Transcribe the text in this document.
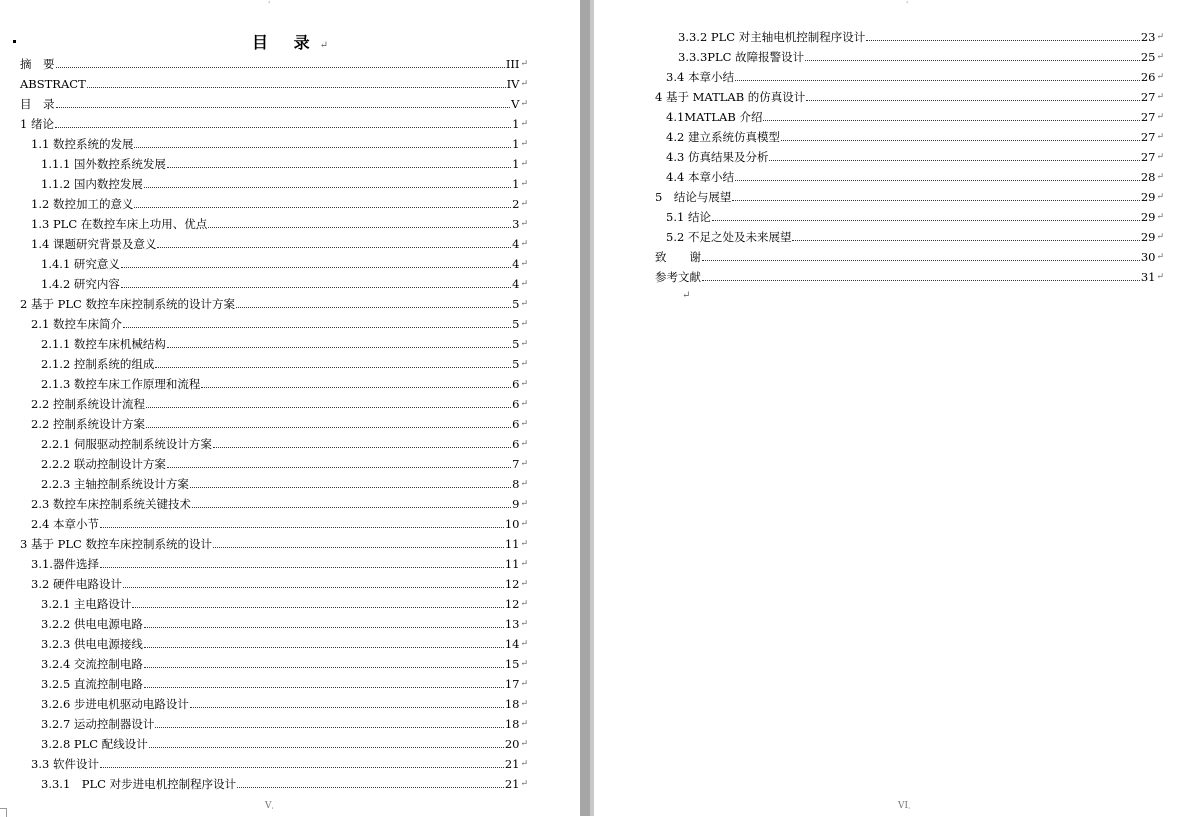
'
目 录↵
摘　要	III ↵
ABSTRACT	IV ↵
目　录	V ↵
1 绪论	1 ↵
1.1 数控系统的发展	1 ↵
1.1.1 国外数控系统发展	1 ↵
1.1.2 国内数控发展	1 ↵
1.2 数控加工的意义	2 ↵
1.3 PLC 在数控车床上功用、优点	3 ↵
1.4 课题研究背景及意义	4 ↵
1.4.1 研究意义	4 ↵
1.4.2 研究内容	4 ↵
2 基于 PLC 数控车床控制系统的设计方案	5 ↵
2.1 数控车床简介	5 ↵
2.1.1 数控车床机械结构	5 ↵
2.1.2 控制系统的组成	5 ↵
2.1.3 数控车床工作原理和流程	6 ↵
2.2 控制系统设计流程	6 ↵
2.2 控制系统设计方案	6 ↵
2.2.1 伺服驱动控制系统设计方案	6 ↵
2.2.2 联动控制设计方案	7 ↵
2.2.3 主轴控制系统设计方案	8 ↵
2.3 数控车床控制系统关键技术	9 ↵
2.4 本章小节	10 ↵
3 基于 PLC 数控车床控制系统的设计	11 ↵
3.1.器件选择	11 ↵
3.2 硬件电路设计	12 ↵
3.2.1 主电路设计	12 ↵
3.2.2 供电电源电路	13 ↵
3.2.3 供电电源接线	14 ↵
3.2.4 交流控制电路	15 ↵
3.2.5 直流控制电路	17 ↵
3.2.6 步进电机驱动电路设计	18 ↵
3.2.7 运动控制器设计	18 ↵
3.2.8 PLC 配线设计	20 ↵
3.3 软件设计	21 ↵
3.3.1　PLC 对步进电机控制程序设计	21 ↵
Vˌ
'
3.3.2 PLC 对主轴电机控制程序设计	23 ↵
3.3.3PLC 故障报警设计	25 ↵
3.4 本章小结	26 ↵
4 基于 MATLAB 的仿真设计	27 ↵
4.1MATLAB 介绍	27 ↵
4.2 建立系统仿真模型	27 ↵
4.3 仿真结果及分析	27 ↵
4.4 本章小结	28 ↵
5　结论与展望	29 ↵
5.1 结论	29 ↵
5.2 不足之处及未来展望	29 ↵
致　　谢	30 ↵
参考文献	31 ↵
↵
VIˌ
